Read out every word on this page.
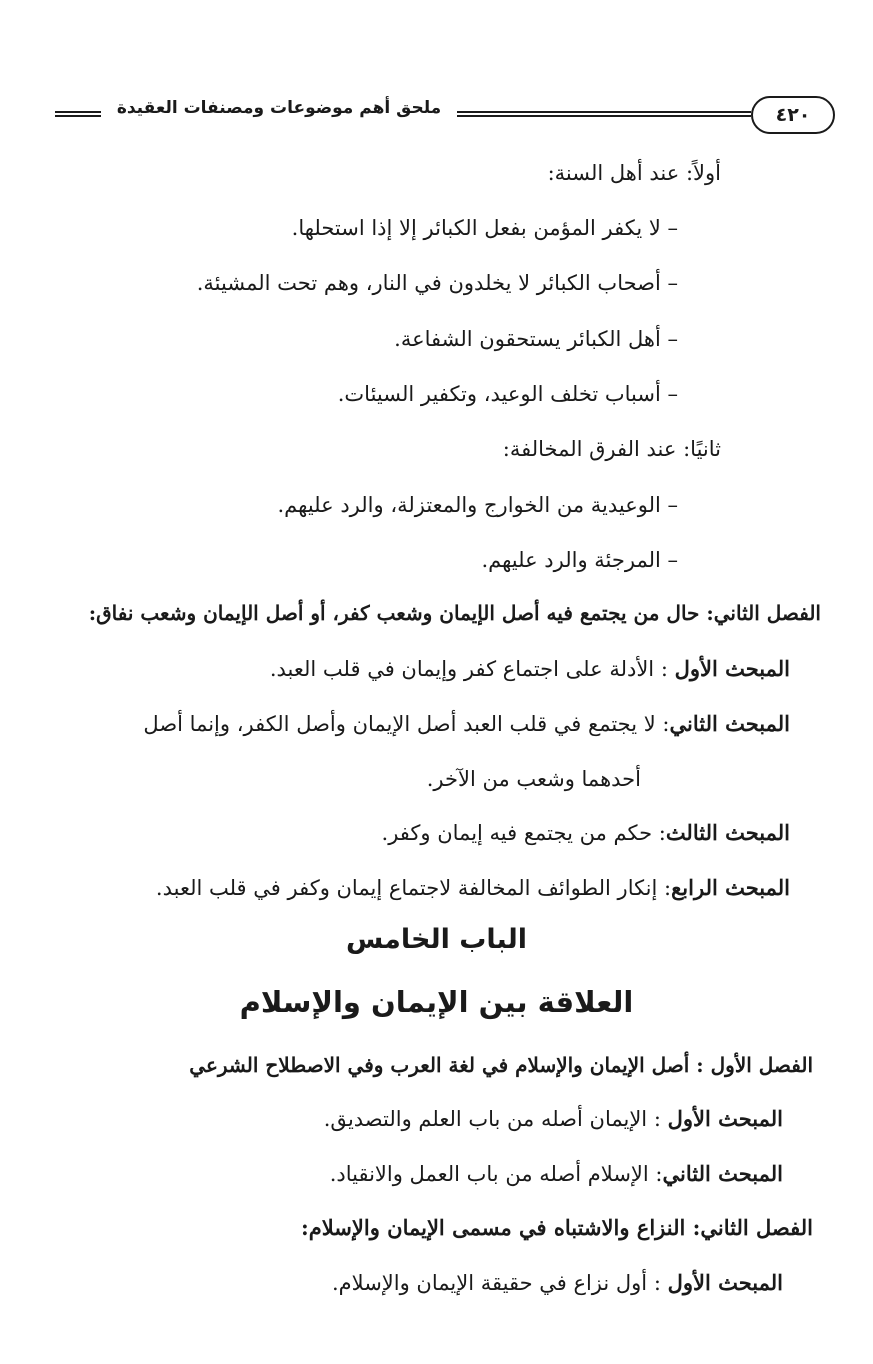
٤٢٠
ملحق أهم موضوعات ومصنفات العقيدة
أولاً: عند أهل السنة:
– لا يكفر المؤمن بفعل الكبائر إلا إذا استحلها.
– أصحاب الكبائر لا يخلدون في النار، وهم تحت المشيئة.
– أهل الكبائر يستحقون الشفاعة.
– أسباب تخلف الوعيد، وتكفير السيئات.
ثانيًا: عند الفرق المخالفة:
– الوعيدية من الخوارج والمعتزلة، والرد عليهم.
– المرجئة والرد عليهم.
الفصل الثاني: حال من يجتمع فيه أصل الإيمان وشعب كفر، أو أصل الإيمان وشعب نفاق:
المبحث الأول : الأدلة على اجتماع كفر وإيمان في قلب العبد.
المبحث الثاني: لا يجتمع في قلب العبد أصل الإيمان وأصل الكفر، وإنما أصل
أحدهما وشعب من الآخر.
المبحث الثالث: حكم من يجتمع فيه إيمان وكفر.
المبحث الرابع: إنكار الطوائف المخالفة لاجتماع إيمان وكفر في قلب العبد.
الباب الخامس
العلاقة بين الإيمان والإسلام
الفصل الأول : أصل الإيمان والإسلام في لغة العرب وفي الاصطلاح الشرعي
المبحث الأول : الإيمان أصله من باب العلم والتصديق.
المبحث الثاني: الإسلام أصله من باب العمل والانقياد.
الفصل الثاني: النزاع والاشتباه في مسمى الإيمان والإسلام:
المبحث الأول : أول نزاع في حقيقة الإيمان والإسلام.
